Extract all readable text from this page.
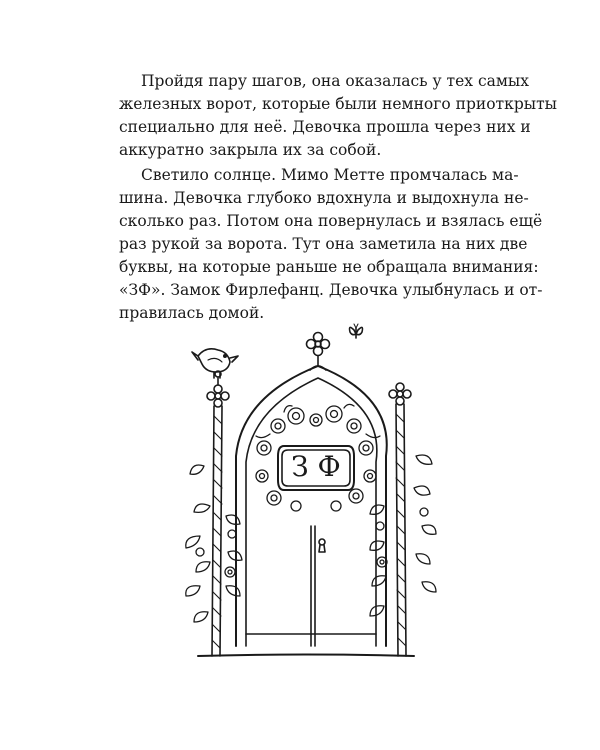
Пройдя пару шагов, она оказалась у тех самых
железных ворот, которые были немного приоткрыты
специально для неё. Девочка прошла через них и
аккуратно закрыла их за собой.
Светило солнце. Мимо Метте промчалась ма-
шина. Девочка глубоко вдохнула и выдохнула не-
сколько раз. Потом она повернулась и взялась ещё
раз рукой за ворота. Тут она заметила на них две
буквы, на которые раньше не обращала внимания:
«ЗФ». Замок Фирлефанц. Девочка улыбнулась и от-
правилась домой.
З Ф
